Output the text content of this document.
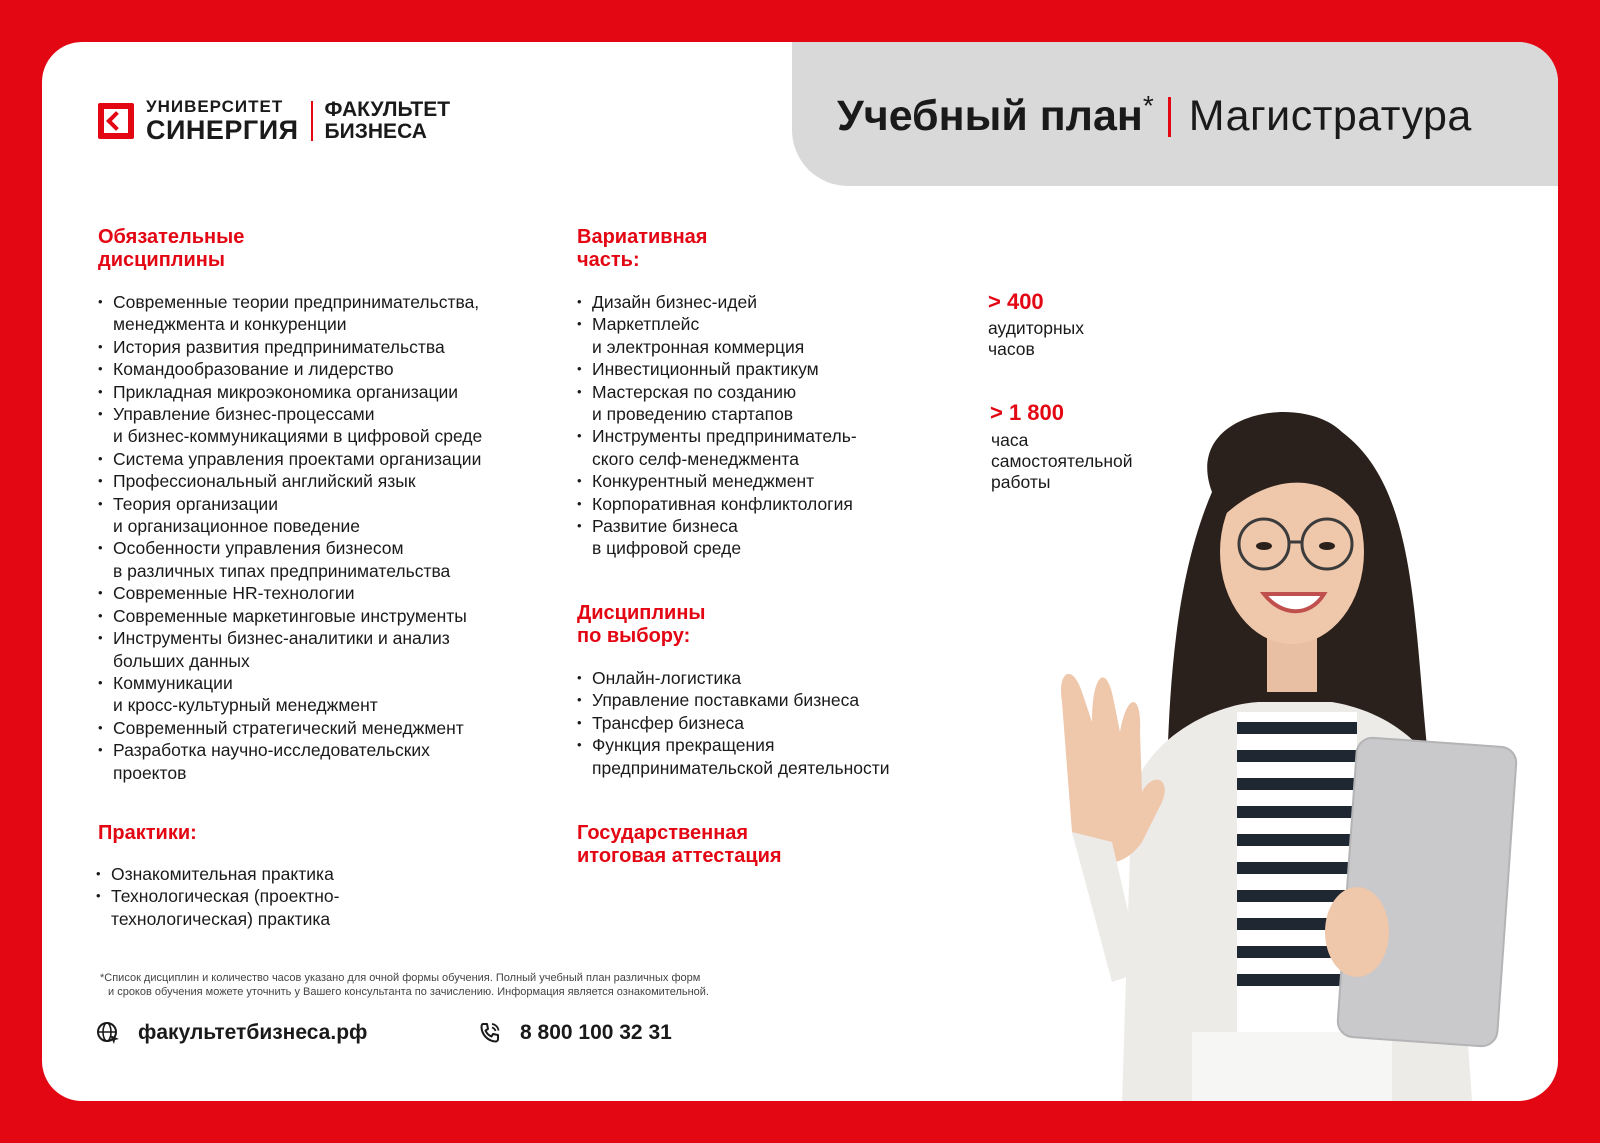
УНИВЕРСИТЕТ
СИНЕРГИЯ
ФАКУЛЬТЕТ
БИЗНЕСА	Учебный план * Магистратура
Обязательные
дисциплины
• Современные теории предпринимательства,
менеджмента и конкуренции
• История развития предпринимательства
• Командообразование и лидерство
• Прикладная микроэкономика организации
• Управление бизнес-процессами
и бизнес-коммуникациями в цифровой среде
• Система управления проектами организации
• Профессиональный английский язык
• Теория организации
и организационное поведение
• Особенности управления бизнесом
в различных типах предпринимательства
• Современные HR-технологии
• Современные маркетинговые инструменты
• Инструменты бизнес-аналитики и анализ
больших данных
• Коммуникации
и кросс-культурный менеджмент
• Современный стратегический менеджмент
• Разработка научно-исследовательских
проектов
Практики:
• Ознакомительная практика
• Технологическая (проектно-
технологическая) практика
Вариативная
часть:
• Дизайн бизнес-идей
• Маркетплейс
и электронная коммерция
• Инвестиционный практикум
• Мастерская по созданию
и проведению стартапов
• Инструменты предприниматель-
ского селф-менеджмента
• Конкурентный менеджмент
• Корпоративная конфликтология
• Развитие бизнеса
в цифровой среде
Дисциплины
по выбору:
• Онлайн-логистика
• Управление поставками бизнеса
• Трансфер бизнеса
• Функция прекращения
предпринимательской деятельности
Государственная
итоговая аттестация
> 400
аудиторных часов
> 1 800
часа самостоятельной работы
*Список дисциплин и количество часов указано для очной формы обучения. Полный учебный план различных форм
и сроков обучения можете уточнить у Вашего консультанта по зачислению. Информация является ознакомительной.
факультетбизнеса.рф	8 800 100 32 31
